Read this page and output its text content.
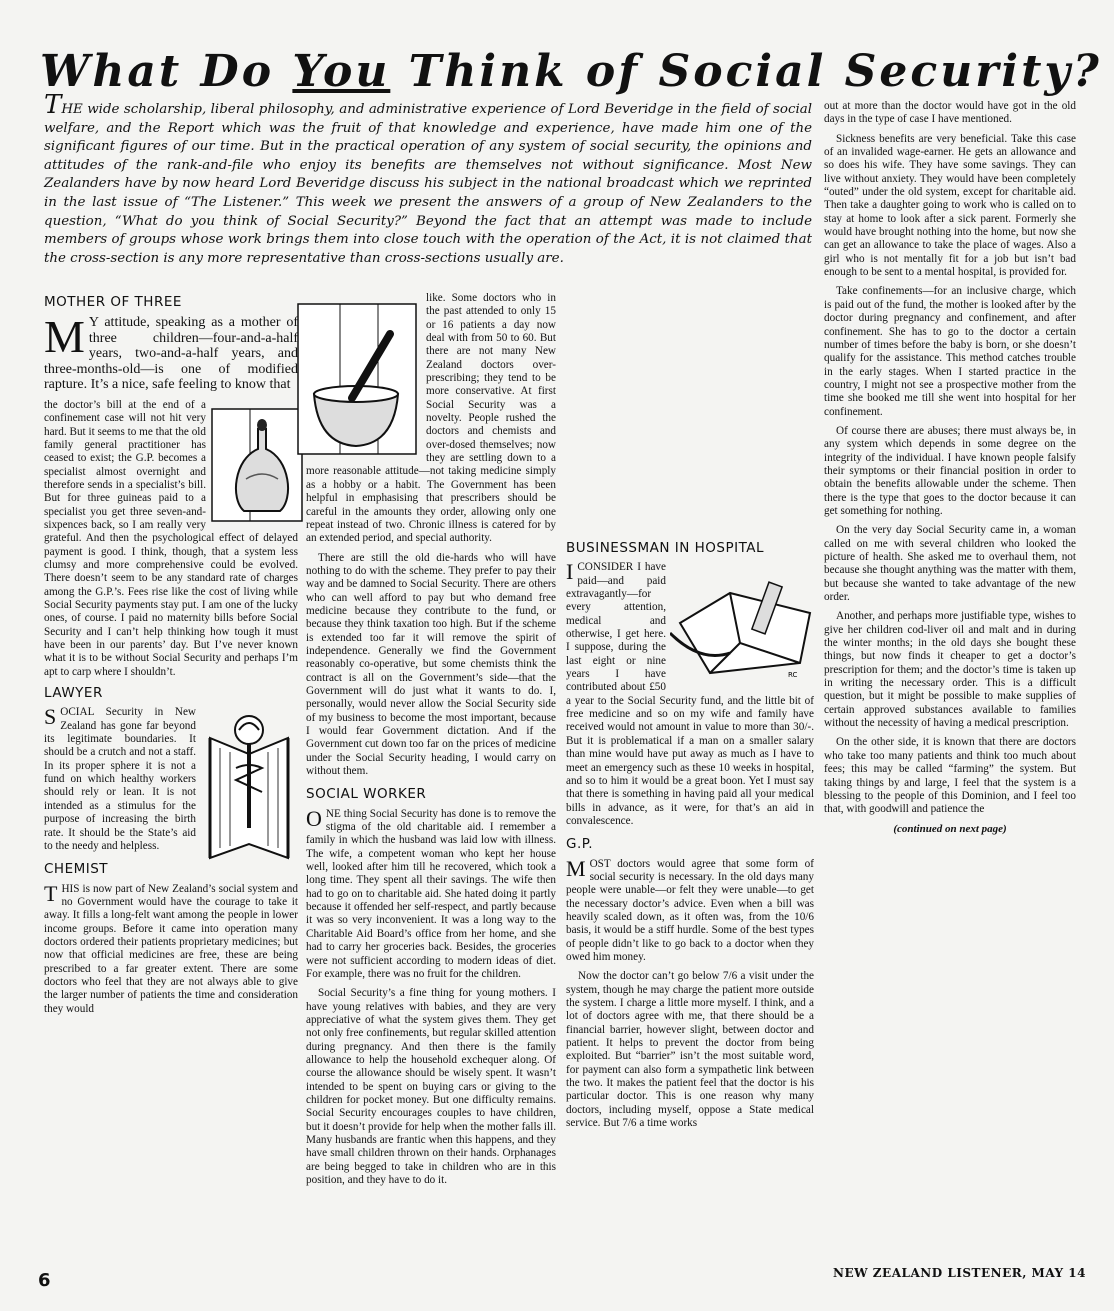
What Do You Think of Social Security?

THE wide scholarship, liberal philosophy, and administrative experience of Lord Beveridge in the field of social welfare, and the Report which was the fruit of that knowledge and experience, have made him one of the significant figures of our time. But in the practical operation of any system of social security, the opinions and attitudes of the rank-and-file who enjoy its benefits are themselves not without significance. Most New Zealanders have by now heard Lord Beveridge discuss his subject in the national broadcast which we reprinted in the last issue of “The Listener.” This week we present the answers of a group of New Zealanders to the question, “What do you think of Social Security?” Beyond the fact that an attempt was made to include members of groups whose work brings them into close touch with the operation of the Act, it is not claimed that the cross-section is any more representative than cross-sections usually are.

MOTHER OF THREE

M Y attitude, speaking as a mother of three children—four-and-a-half years, two-and-a-half years, and three-months-old—is one of modified rapture. It’s a nice, safe feeling to know that

the doctor’s bill at the end of a confinement case will not hit very hard. But it seems to me that the old family general practitioner has ceased to exist; the G.P. becomes a specialist almost overnight and therefore sends in a specialist’s bill. But for three guineas paid to a specialist you get three seven-and-sixpences back, so I am really very grateful. And then the psychological effect of delayed payment is good. I think, though, that a system less clumsy and more comprehensive could be evolved. There doesn’t seem to be any standard rate of charges among the G.P.’s. Fees rise like the cost of living while Social Security payments stay put. I am one of the lucky ones, of course. I paid no maternity bills before Social Security and I can’t help thinking how tough it must have been in our parents’ day. But I’ve never known what it is to be without Social Security and perhaps I’m apt to carp where I shouldn’t.

LAWYER

SOCIAL Security in New Zealand has gone far beyond its legitimate boundaries. It should be a crutch and not a staff. In its proper sphere it is not a fund on which healthy workers should rely or lean. It is not intended as a stimulus for the purpose of increasing the birth rate. It should be the State’s aid to the needy and helpless.

CHEMIST

THIS is now part of New Zealand’s social system and no Government would have the courage to take it away. It fills a long-felt want among the people in lower income groups. Before it came into operation many doctors ordered their patients proprietary medicines; but now that official medicines are free, these are being prescribed to a far greater extent. There are some doctors who feel that they are not always able to give the larger number of patients the time and consideration they would

like. Some doctors who in the past attended to only 15 or 16 patients a day now deal with from 50 to 60. But there are not many New Zealand doctors over-prescribing; they tend to be more conservative. At first Social Security was a novelty. People rushed the doctors and chemists and over-dosed themselves; now they are settling down to a more reasonable attitude—not taking medicine simply as a hobby or a habit. The Government has been helpful in emphasising that prescribers should be careful in the amounts they order, allowing only one repeat instead of two. Chronic illness is catered for by an extended period, and special authority.

There are still the old die-hards who will have nothing to do with the scheme. They prefer to pay their way and be damned to Social Security. There are others who can well afford to pay but who demand free medicine because they contribute to the fund, or because they think taxation too high. But if the scheme is extended too far it will remove the spirit of independence. Generally we find the Government reasonably co-operative, but some chemists think the contract is all on the Government’s side—that the Government will do just what it wants to do. I, personally, would never allow the Social Security side of my business to become the most important, because I would fear Government dictation. And if the Government cut down too far on the prices of medicine under the Social Security heading, I would carry on without them.

SOCIAL WORKER

ONE thing Social Security has done is to remove the stigma of the old charitable aid. I remember a family in which the husband was laid low with illness. The wife, a competent woman who kept her house well, looked after him till he recovered, which took a long time. They spent all their savings. The wife then had to go on to charitable aid. She hated doing it partly because it offended her self-respect, and partly because it was so very inconvenient. It was a long way to the Charitable Aid Board’s office from her home, and she had to carry her groceries back. Besides, the groceries were not sufficient according to modern ideas of diet. For example, there was no fruit for the children.

Social Security’s a fine thing for young mothers. I have young relatives with babies, and they are very appreciative of what the system gives them. They get not only free confinements, but regular skilled attention during pregnancy. And then there is the family allowance to help the household exchequer along. Of course the allowance should be wisely spent. It wasn’t intended to be spent on buying cars or giving to the children for pocket money. But one difficulty remains. Social Security encourages couples to have children, but it doesn’t provide for help when the mother falls ill. Many husbands are frantic when this happens, and they have small children thrown on their hands. Orphanages are being begged to take in children who are in this position, and they have to do it.

BUSINESSMAN IN HOSPITAL

RC
I CONSIDER I have paid—and paid extravagantly—for every attention, medical and otherwise, I get here. I suppose, during the last eight or nine years I have contributed about £50 a year to the Social Security fund, and the little bit of free medicine and so on my wife and family have received would not amount in value to more than 30/-. But it is problematical if a man on a smaller salary than mine would have put away as much as I have to meet an emergency such as these 10 weeks in hospital, and so to him it would be a great boon. Yet I must say that there is something in having paid all your medical bills in advance, as it were, for that’s an aid in convalescence.

G.P.

MOST doctors would agree that some form of social security is necessary. In the old days many people were unable—or felt they were unable—to get the necessary doctor’s advice. Even when a bill was heavily scaled down, as it often was, from the 10/6 basis, it would be a stiff hurdle. Some of the best types of people didn’t like to go back to a doctor when they owed him money.

Now the doctor can’t go below 7/6 a visit under the system, though he may charge the patient more outside the system. I charge a little more myself. I think, and a lot of doctors agree with me, that there should be a financial barrier, however slight, between doctor and patient. It helps to prevent the doctor from being exploited. But “barrier” isn’t the most suitable word, for payment can also form a sympathetic link between the two. It makes the patient feel that the doctor is his particular doctor. This is one reason why many doctors, including myself, oppose a State medical service. But 7/6 a time works

out at more than the doctor would have got in the old days in the type of case I have mentioned.

Sickness benefits are very beneficial. Take this case of an invalided wage-earner. He gets an allowance and so does his wife. They have some savings. They can live without anxiety. They would have been completely “outed” under the old system, except for charitable aid. Then take a daughter going to work who is called on to stay at home to look after a sick parent. Formerly she would have brought nothing into the home, but now she can get an allowance to take the place of wages. Also a girl who is not mentally fit for a job but isn’t bad enough to be sent to a mental hospital, is provided for.

Take confinements—for an inclusive charge, which is paid out of the fund, the mother is looked after by the doctor during pregnancy and confinement, and after confinement. She has to go to the doctor a certain number of times before the baby is born, or she doesn’t qualify for the assistance. This method catches trouble in the early stages. When I started practice in the country, I might not see a prospective mother from the time she booked me till she went into hospital for her confinement.

Of course there are abuses; there must always be, in any system which depends in some degree on the integrity of the individual. I have known people falsify their symptoms or their financial position in order to obtain the benefits allowable under the scheme. Then there is the type that goes to the doctor because it can get something for nothing.

On the very day Social Security came in, a woman called on me with several children who looked the picture of health. She asked me to overhaul them, not because she thought anything was the matter with them, but because she wanted to take advantage of the new order.

Another, and perhaps more justifiable type, wishes to give her children cod-liver oil and malt and in during the winter months; in the old days she bought these things, but now finds it cheaper to get a doctor’s prescription for them; and the doctor’s time is taken up in writing the necessary order. This is a difficult question, but it might be possible to make supplies of certain approved substances available to families without the necessity of having a medical prescription.

On the other side, it is known that there are doctors who take too many patients and think too much about fees; this may be called “farming” the system. But taking things by and large, I feel that the system is a blessing to the people of this Dominion, and I feel too that, with goodwill and patience the

(continued on next page)
6	NEW ZEALAND LISTENER, MAY 14
